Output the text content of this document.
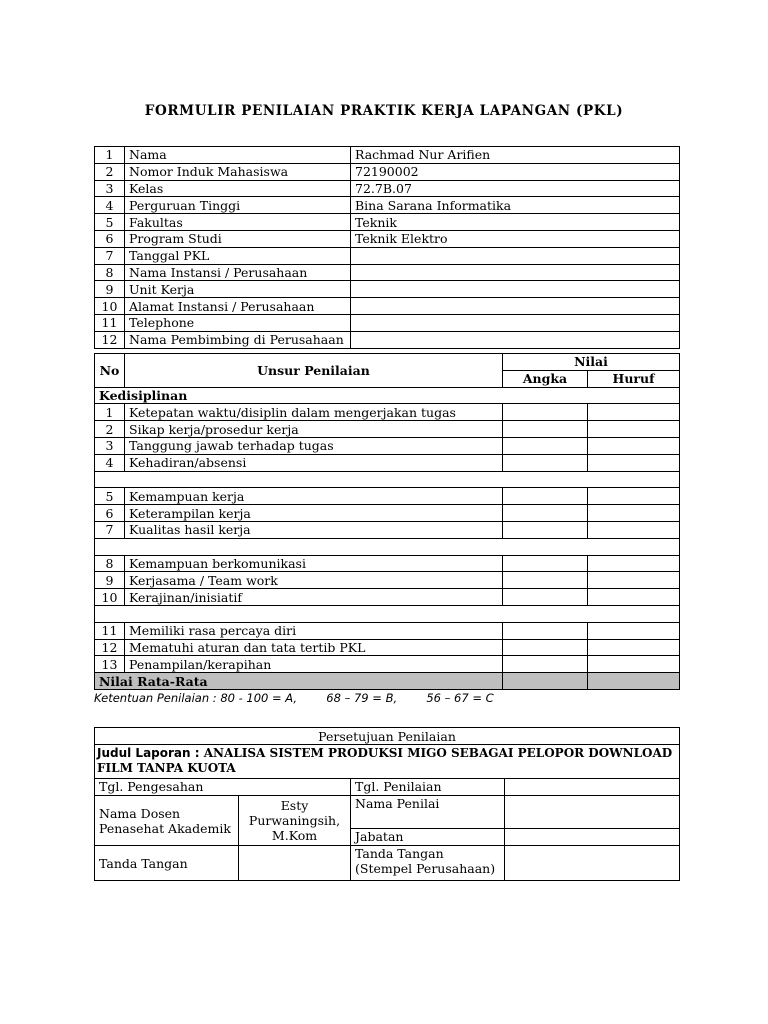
FORMULIR PENILAIAN PRAKTIK KERJA LAPANGAN (PKL)
1	Nama	Rachmad Nur Arifien
2	Nomor Induk Mahasiswa	72190002
3	Kelas	72.7B.07
4	Perguruan Tinggi	Bina Sarana Informatika
5	Fakultas	Teknik
6	Program Studi	Teknik Elektro
7	Tanggal PKL	
8	Nama Instansi / Perusahaan	
9	Unit Kerja	
10	Alamat Instansi / Perusahaan	
11	Telephone	
12	Nama Pembimbing di Perusahaan	
No	Unsur Penilaian	Nilai	
		Angka	Huruf
Kedisiplinan			
1	Ketepatan waktu/disiplin dalam mengerjakan tugas		
2	Sikap kerja/prosedur kerja		
3	Tanggung jawab terhadap tugas		
4	Kehadiran/absensi		

5	Kemampuan kerja		
6	Keterampilan kerja		
7	Kualitas hasil kerja		

8	Kemampuan berkomunikasi		
9	Kerjasama / Team work		
10	Kerajinan/inisiatif		

11	Memiliki rasa percaya diri		
12	Mematuhi aturan dan tata tertib PKL		
13	Penampilan/kerapihan		
Nilai Rata-Rata			
Ketentuan Penilaian : 80 - 100 = A,        68 – 79 = B,        56 – 67 = C
Persetujuan Penilaian			
Judul Laporan : ANALISA SISTEM PRODUKSI MIGO SEBAGAI PELOPOR DOWNLOAD FILM TANPA KUOTA			
Tgl. Pengesahan		Tgl. Penilaian	
Nama Dosen Penasehat Akademik	Esty Purwaningsih, M.Kom	Nama Penilai	
		Jabatan	
Tanda Tangan		Tanda Tangan
(Stempel Perusahaan)	
